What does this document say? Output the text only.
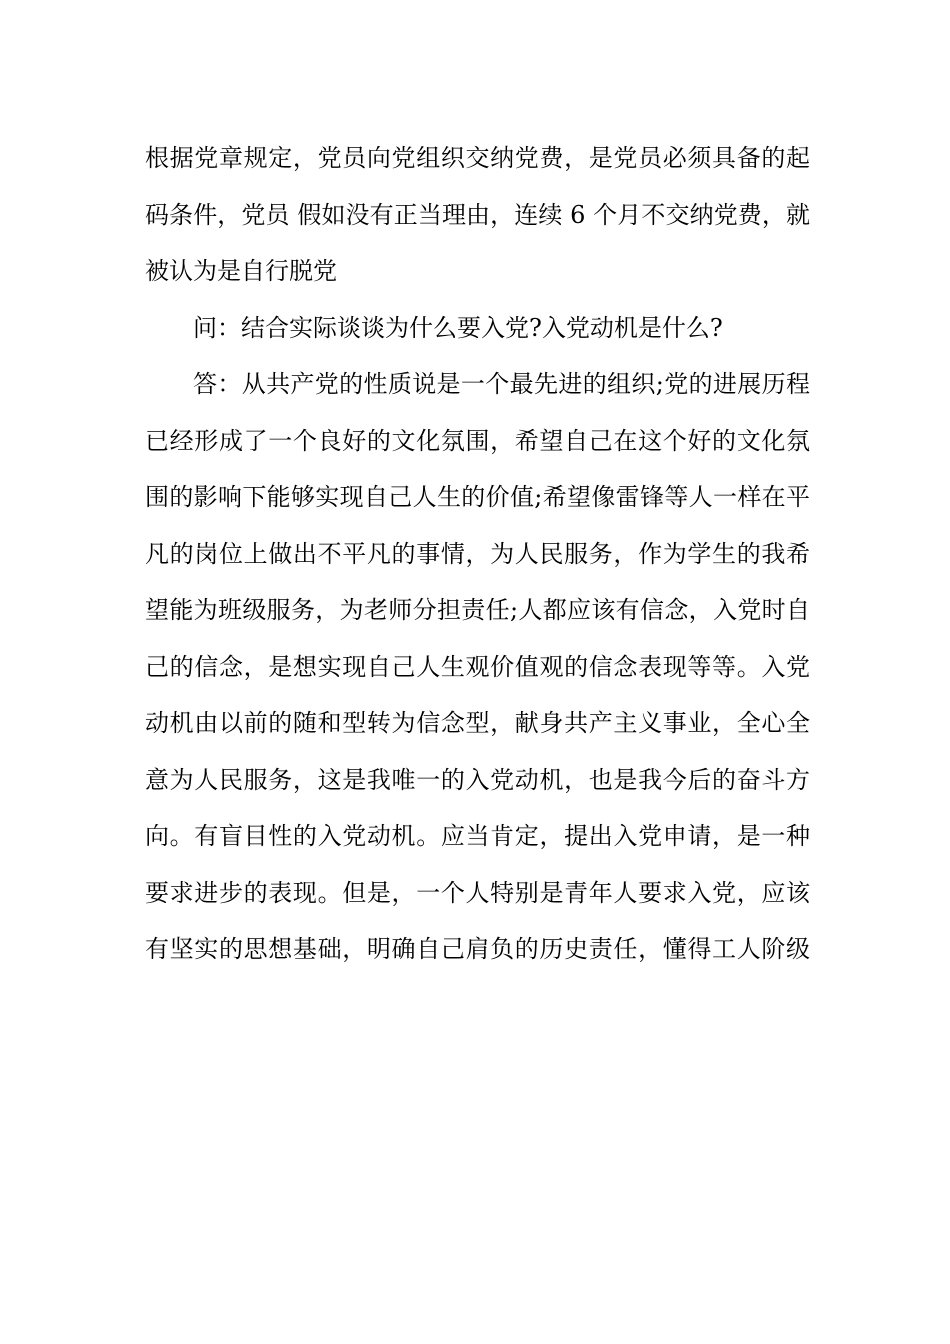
根据党章规定，党员向党组织交纳党费，是党员必须具备的起
码条件，党员 假如没有正当理由，连续 6 个月不交纳党费，就
被认为是自行脱党
问：结合实际谈谈为什么要入党?入党动机是什么?
答：从共产党的性质说是一个最先进的组织;党的进展历程
已经形成了一个良好的文化氛围，希望自己在这个好的文化氛
围的影响下能够实现自己人生的价值;希望像雷锋等人一样在平
凡的岗位上做出不平凡的事情，为人民服务，作为学生的我希
望能为班级服务，为老师分担责任;人都应该有信念，入党时自
己的信念，是想实现自己人生观价值观的信念表现等等。入党
动机由以前的随和型转为信念型，献身共产主义事业，全心全
意为人民服务，这是我唯一的入党动机，也是我今后的奋斗方
向。有盲目性的入党动机。应当肯定，提出入党申请，是一种
要求进步的表现。但是，一个人特别是青年人要求入党，应该
有坚实的思想基础，明确自己肩负的历史责任，懂得工人阶级
